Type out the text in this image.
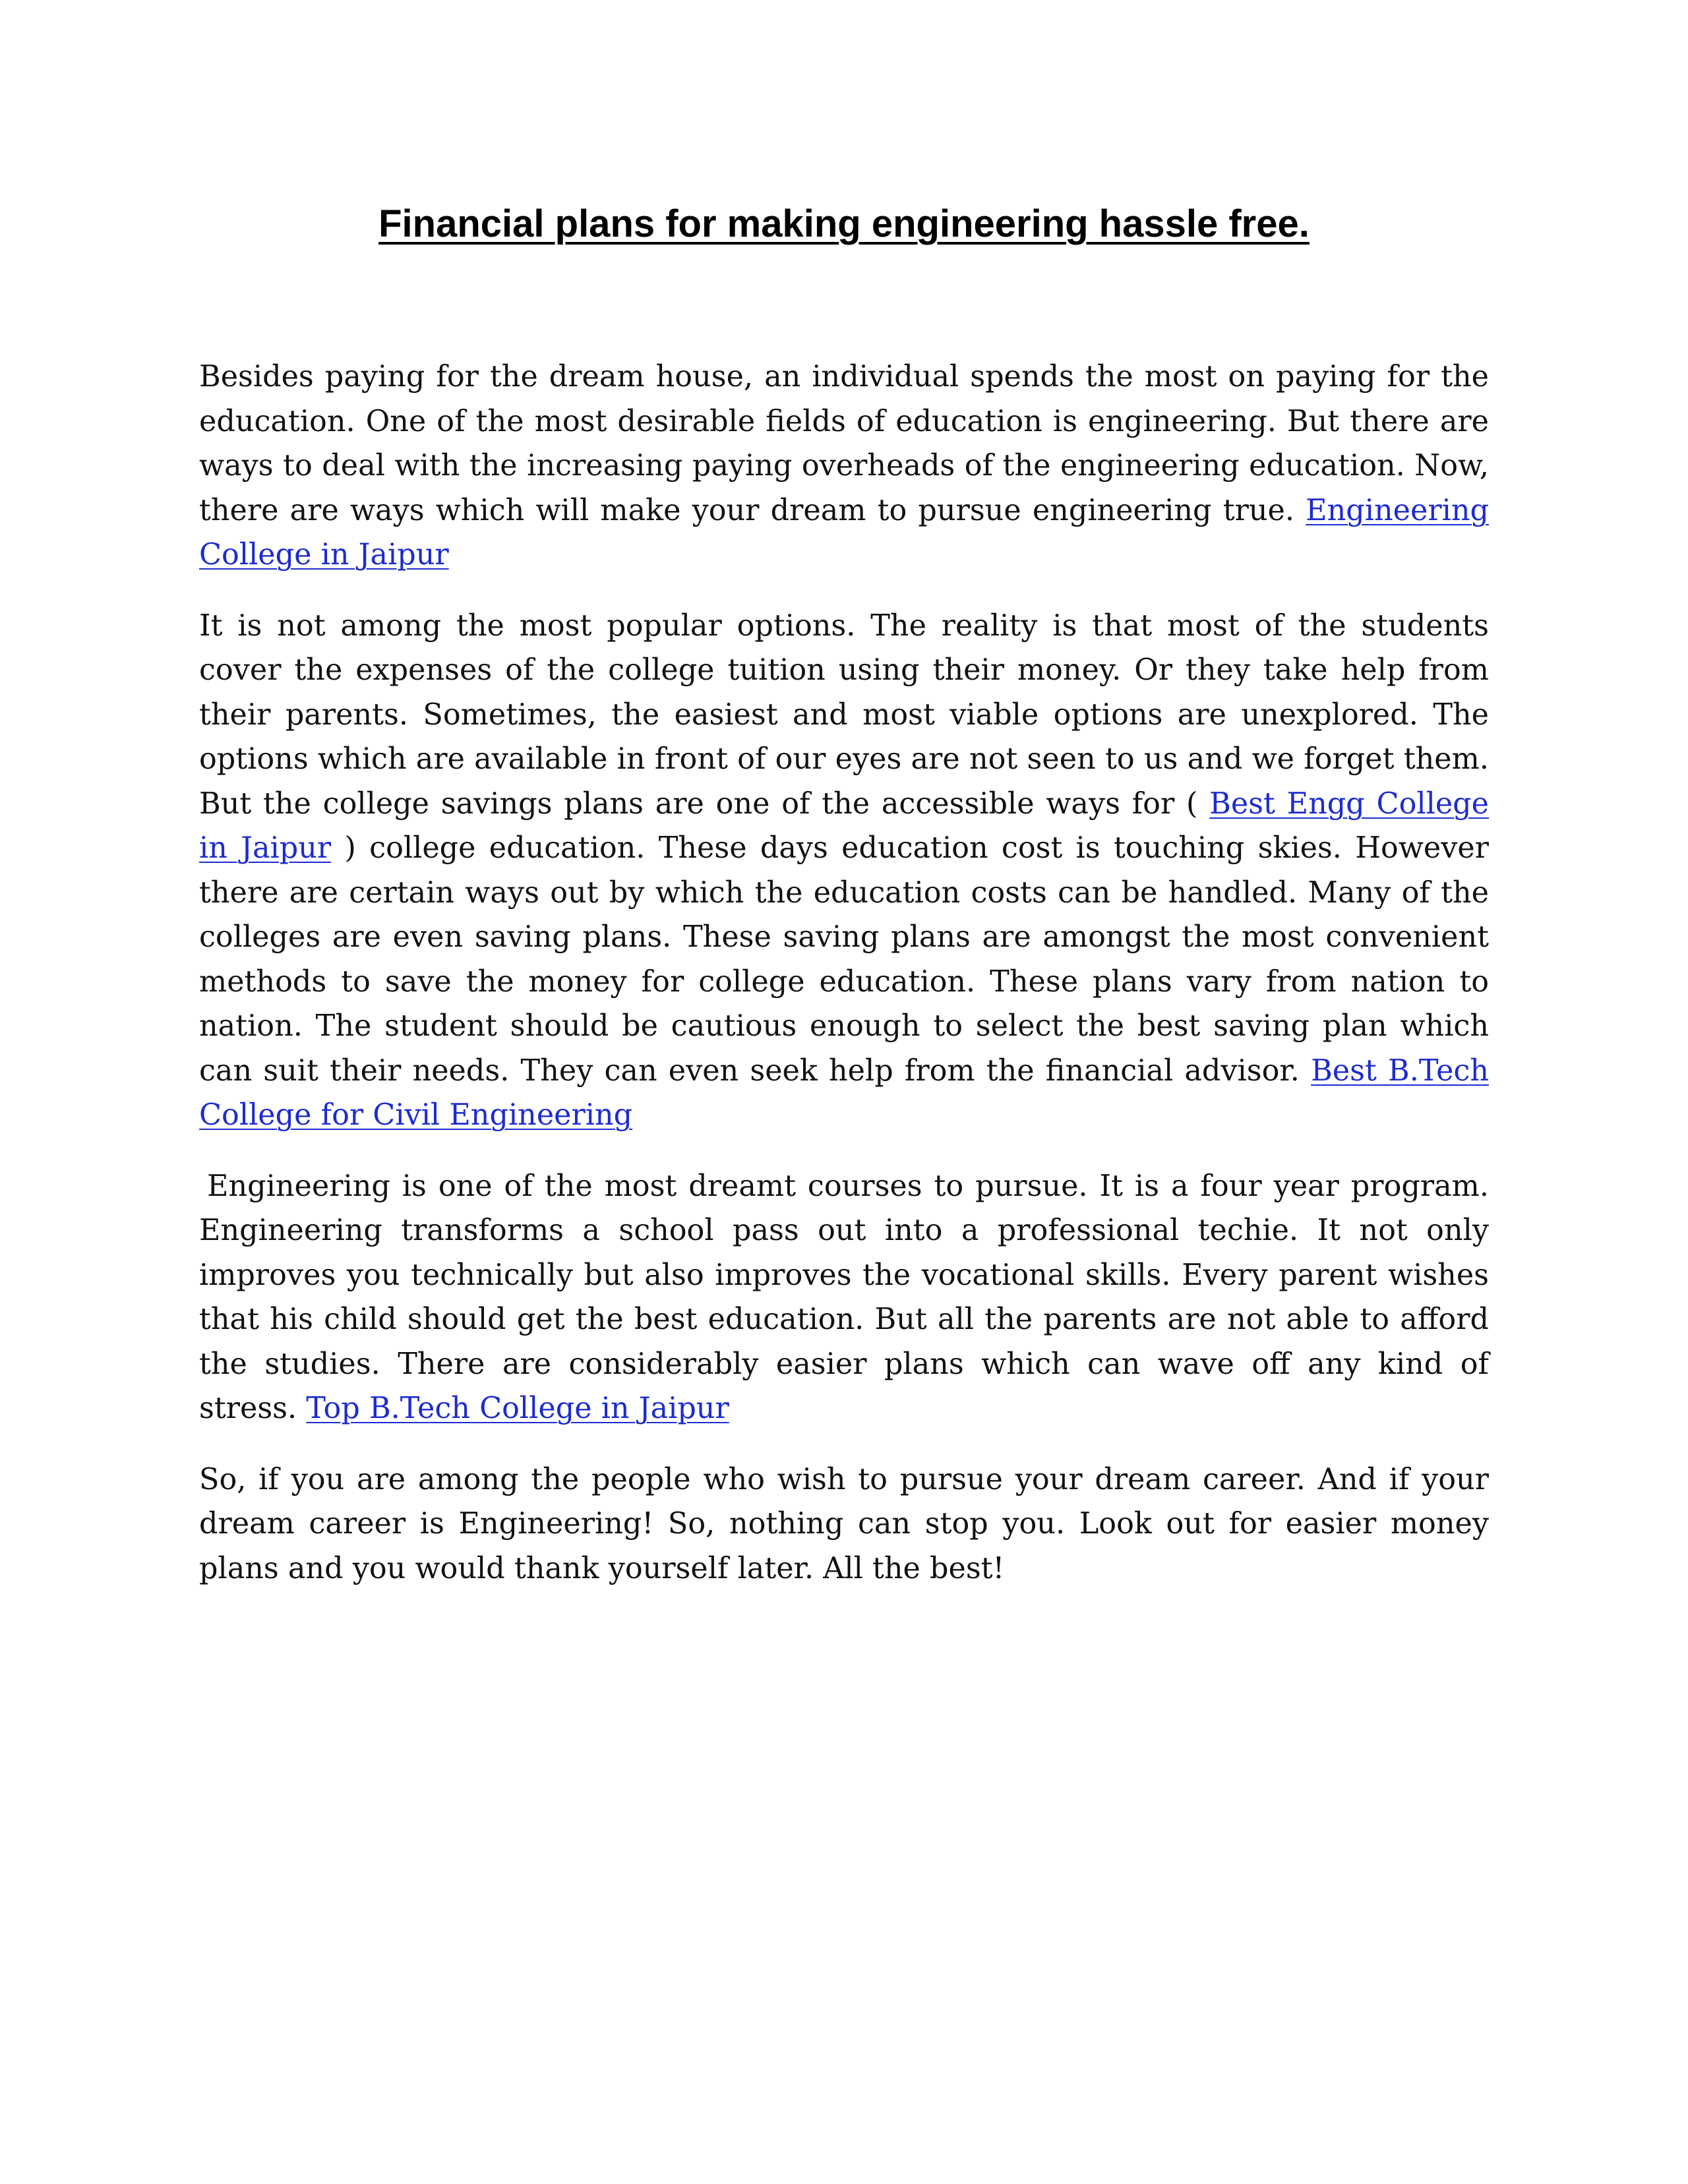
Financial plans for making engineering hassle free.

Besides paying for the dream house, an individual spends the most on paying for the education. One of the most desirable fields of education is engineering. But there are ways to deal with the increasing paying overheads of the engineering education. Now, there are ways which will make your dream to pursue engineering true. Engineering College in Jaipur

It is not among the most popular options. The reality is that most of the students cover the expenses of the college tuition using their money. Or they take help from their parents. Sometimes, the easiest and most viable options are unexplored. The options which are available in front of our eyes are not seen to us and we forget them. But the college savings plans are one of the accessible ways for ( Best Engg College in Jaipur ) college education. These days education cost is touching skies. However there are certain ways out by which the education costs can be handled. Many of the colleges are even saving plans. These saving plans are amongst the most convenient methods to save the money for college education. These plans vary from nation to nation. The student should be cautious enough to select the best saving plan which can suit their needs. They can even seek help from the financial advisor. Best B.Tech College for Civil Engineering

Engineering is one of the most dreamt courses to pursue. It is a four year program. Engineering transforms a school pass out into a professional techie. It not only improves you technically but also improves the vocational skills. Every parent wishes that his child should get the best education. But all the parents are not able to afford the studies. There are considerably easier plans which can wave off any kind of stress. Top B.Tech College in Jaipur

So, if you are among the people who wish to pursue your dream career. And if your dream career is Engineering! So, nothing can stop you. Look out for easier money plans and you would thank yourself later. All the best!
